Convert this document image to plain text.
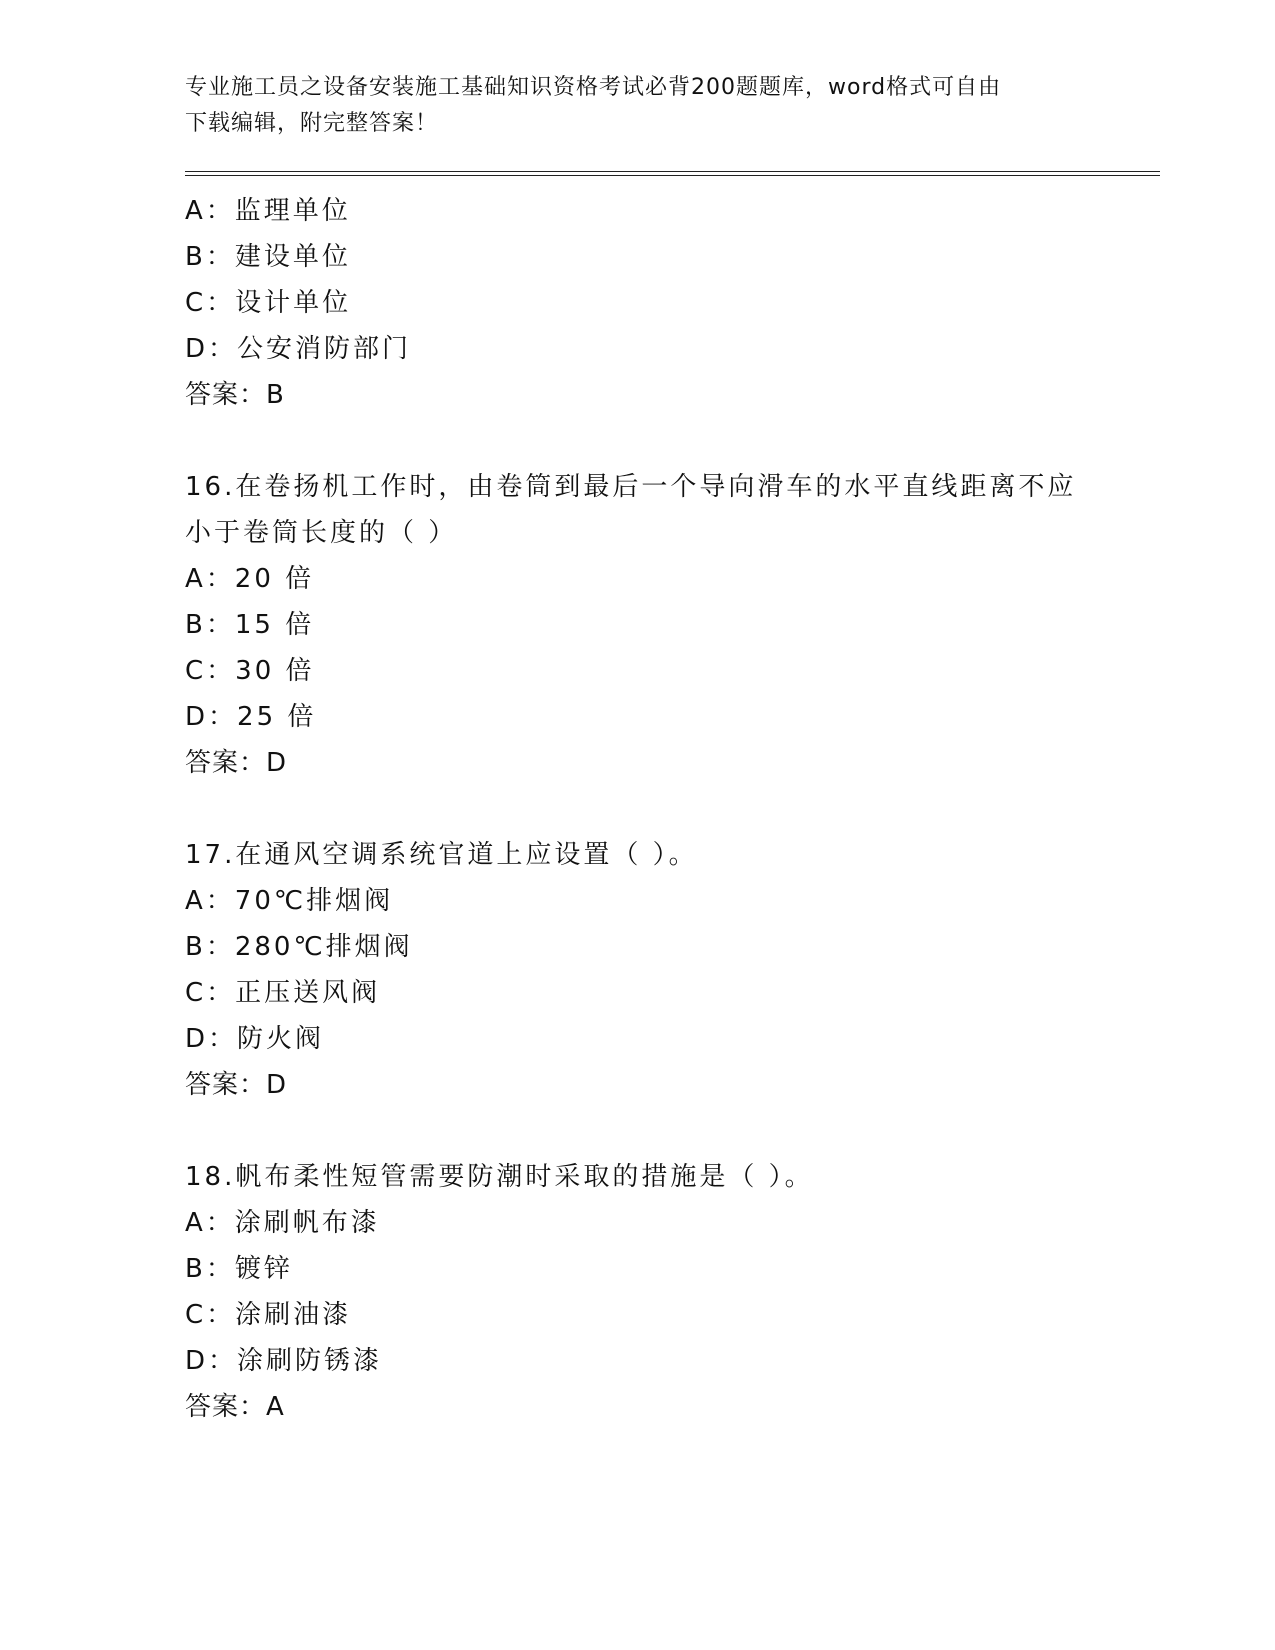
专业施工员之设备安装施工基础知识资格考试必背200题题库，word格式可自由
下载编辑，附完整答案！
A：监理单位
B：建设单位
C：设计单位
D：公安消防部门
答案：B
16.在卷扬机工作时，由卷筒到最后一个导向滑车的水平直线距离不应
小于卷筒长度的（ ）
A：20 倍
B：15 倍
C：30 倍
D：25 倍
答案：D
17.在通风空调系统官道上应设置（ ）。
A：70℃排烟阀
B：280℃排烟阀
C：正压送风阀
D：防火阀
答案：D
18.帆布柔性短管需要防潮时采取的措施是（ ）。
A：涂刷帆布漆
B：镀锌
C：涂刷油漆
D：涂刷防锈漆
答案：A
